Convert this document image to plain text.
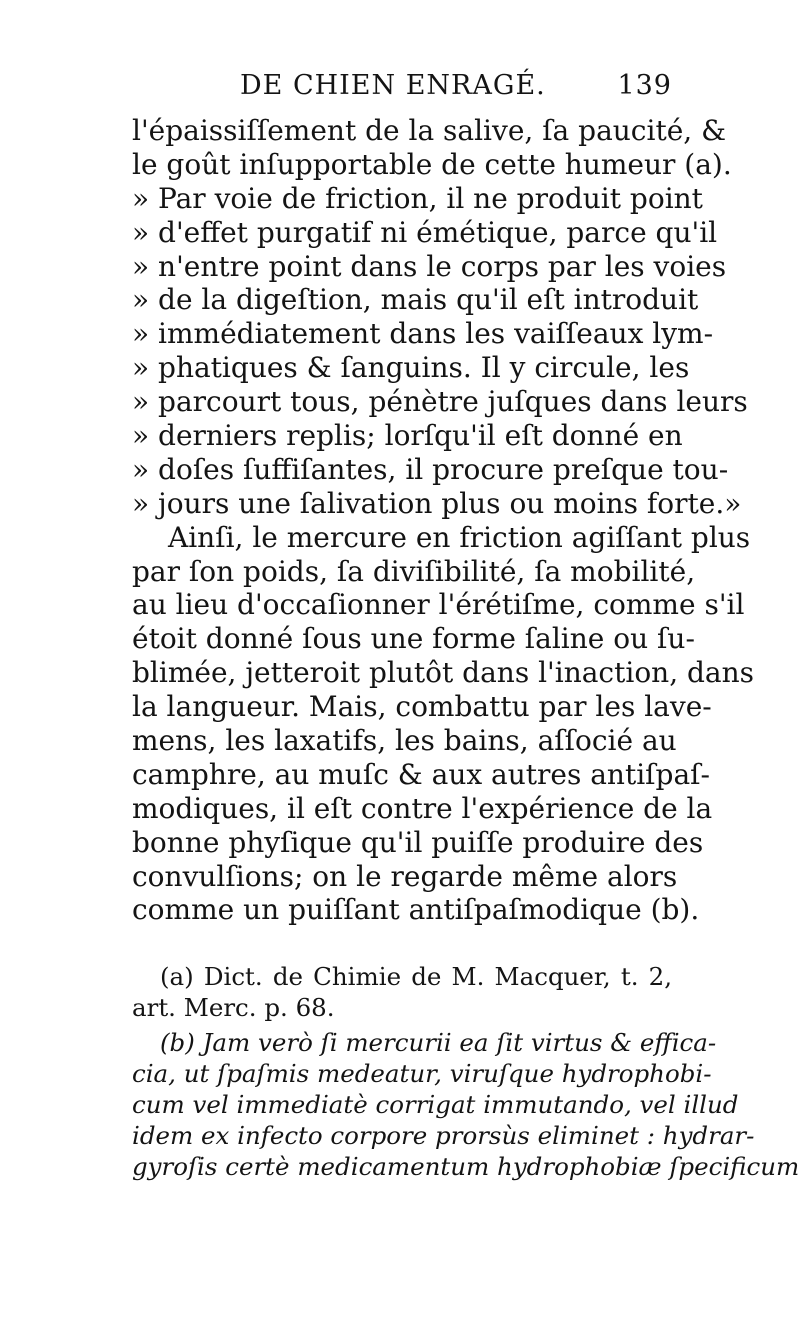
DE CHIEN ENRAGÉ.	139
l'épaissiſſement de la salive, ſa paucité, &
le goût inſupportable de cette humeur (a).
» Par voie de friction, il ne produit point
» d'effet purgatif ni émétique, parce qu'il
» n'entre point dans le corps par les voies
» de la digeſtion, mais qu'il eſt introduit
» immédiatement dans les vaiſſeaux lym-
» phatiques & ſanguins. Il y circule, les
» parcourt tous, pénètre juſques dans leurs
» derniers replis; lorſqu'il eſt donné en
» doſes ſuffiſantes, il procure preſque tou-
» jours une ſalivation plus ou moins forte.»
Ainſi, le mercure en friction agiſſant plus
par ſon poids, ſa diviſibilité, ſa mobilité,
au lieu d'occaſionner l'érétiſme, comme s'il
étoit donné ſous une forme ſaline ou ſu-
blimée, jetteroit plutôt dans l'inaction, dans
la langueur. Mais, combattu par les lave-
mens, les laxatifs, les bains, aſſocié au
camphre, au muſc & aux autres antiſpaſ-
modiques, il eſt contre l'expérience de la
bonne phyſique qu'il puiſſe produire des
convulſions; on le regarde même alors
comme un puiſſant antiſpaſmodique (b).
(a) Dict. de Chimie de M. Macquer, t. 2,
art. Merc. p. 68.
(b) Jam verò ſi mercurii ea ſit virtus & effica-
cia, ut ſpaſmis medeatur, viruſque hydrophobi-
cum vel immediatè corrigat immutando, vel illud
idem ex infecto corpore prorsùs eliminet : hydrar-
gyroſis certè medicamentum hydrophobiæ ſpecificum
